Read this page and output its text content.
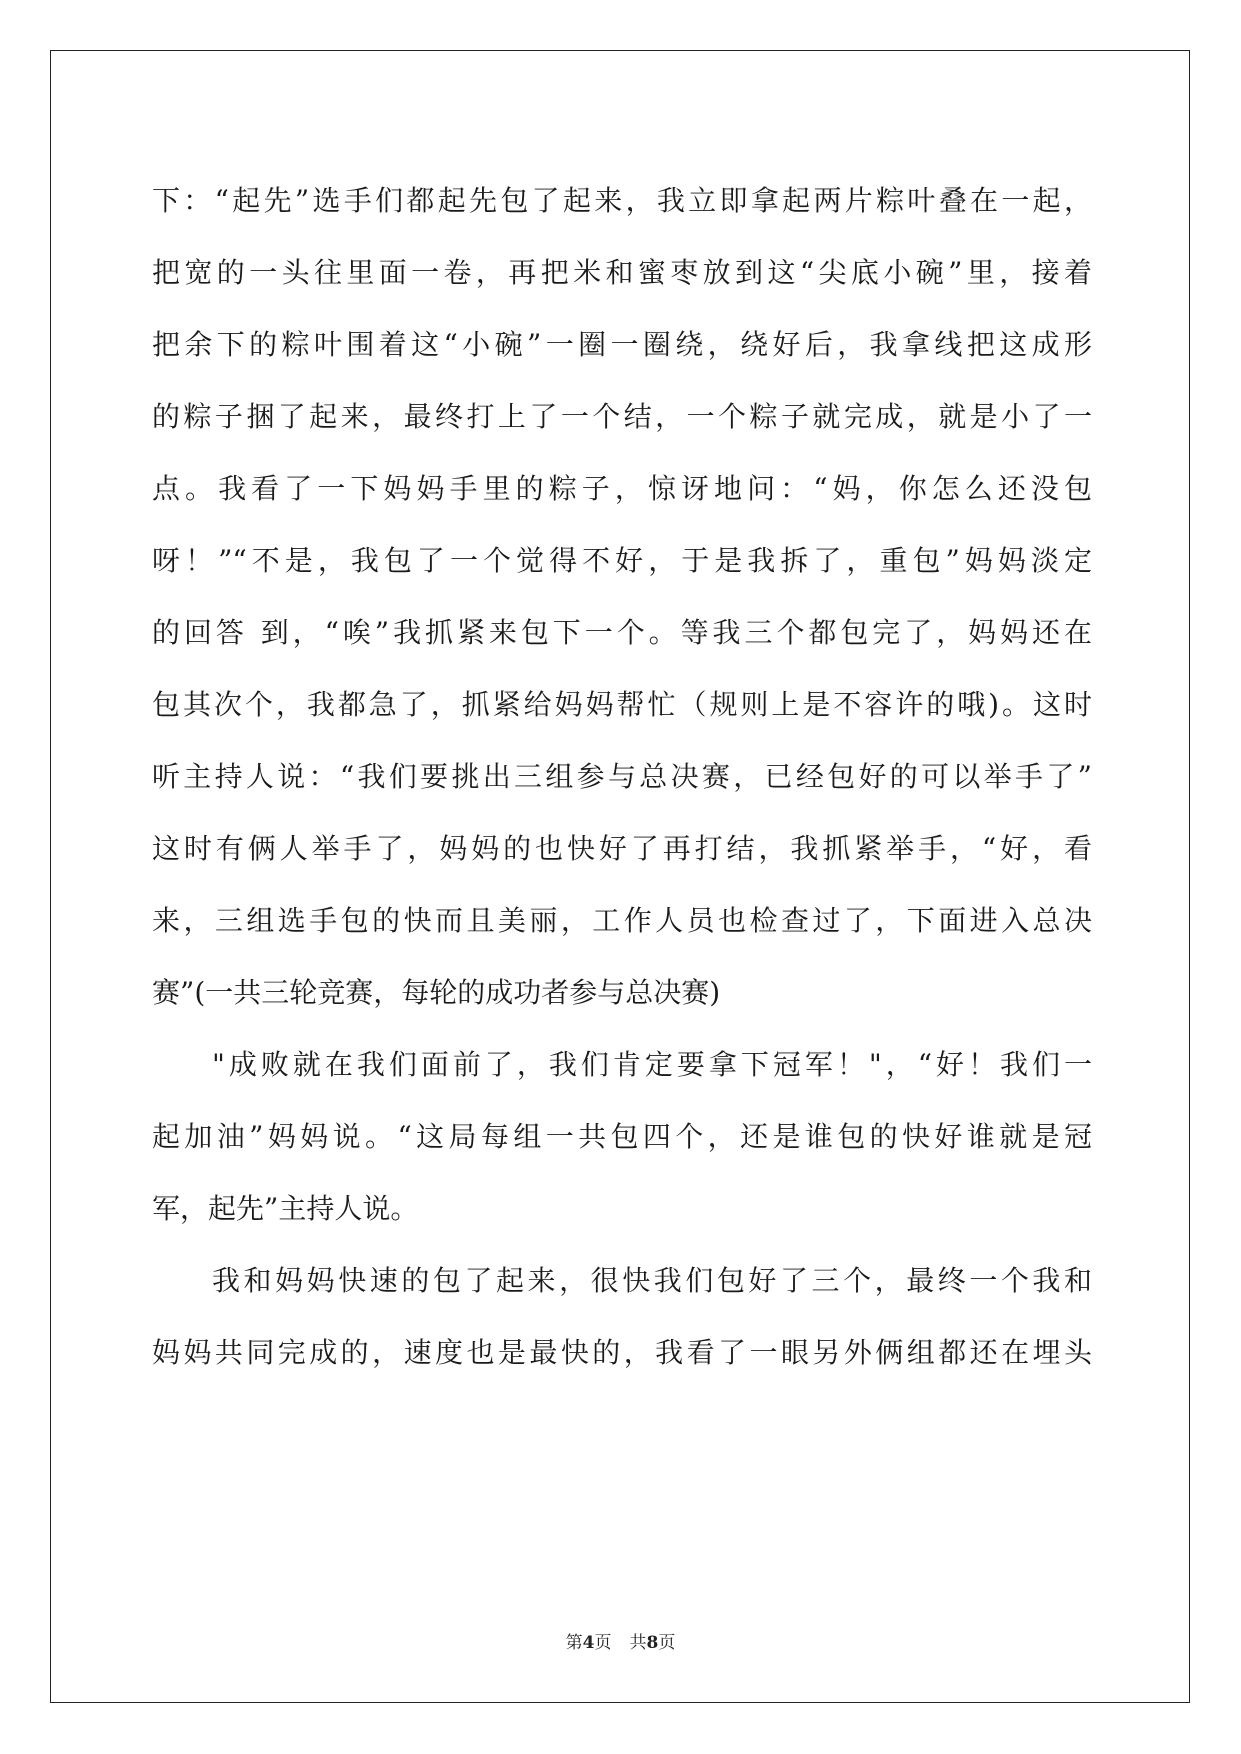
下：“起先”选手们都起先包了起来，我立即拿起两片粽叶叠在一起，
把宽的一头往里面一卷，再把米和蜜枣放到这“尖底小碗”里，接着
把余下的粽叶围着这“小碗”一圈一圈绕，绕好后，我拿线把这成形
的粽子捆了起来，最终打上了一个结，一个粽子就完成，就是小了一
点。我看了一下妈妈手里的粽子，惊讶地问：“妈，你怎么还没包
呀！”“不是，我包了一个觉得不好，于是我拆了，重包”妈妈淡定
的回答 到，“唉”我抓紧来包下一个。等我三个都包完了，妈妈还在
包其次个，我都急了，抓紧给妈妈帮忙（规则上是不容许的哦)。这时
听主持人说：“我们要挑出三组参与总决赛，已经包好的可以举手了”
这时有俩人举手了，妈妈的也快好了再打结，我抓紧举手，“好，看
来，三组选手包的快而且美丽，工作人员也检查过了，下面进入总决
赛”(一共三轮竞赛，每轮的成功者参与总决赛)
"成败就在我们面前了，我们肯定要拿下冠军！"，“好！我们一
起加油”妈妈说。“这局每组一共包四个，还是谁包的快好谁就是冠
军，起先”主持人说。
我和妈妈快速的包了起来，很快我们包好了三个，最终一个我和
妈妈共同完成的，速度也是最快的，我看了一眼另外俩组都还在埋头
第4页 共8页
